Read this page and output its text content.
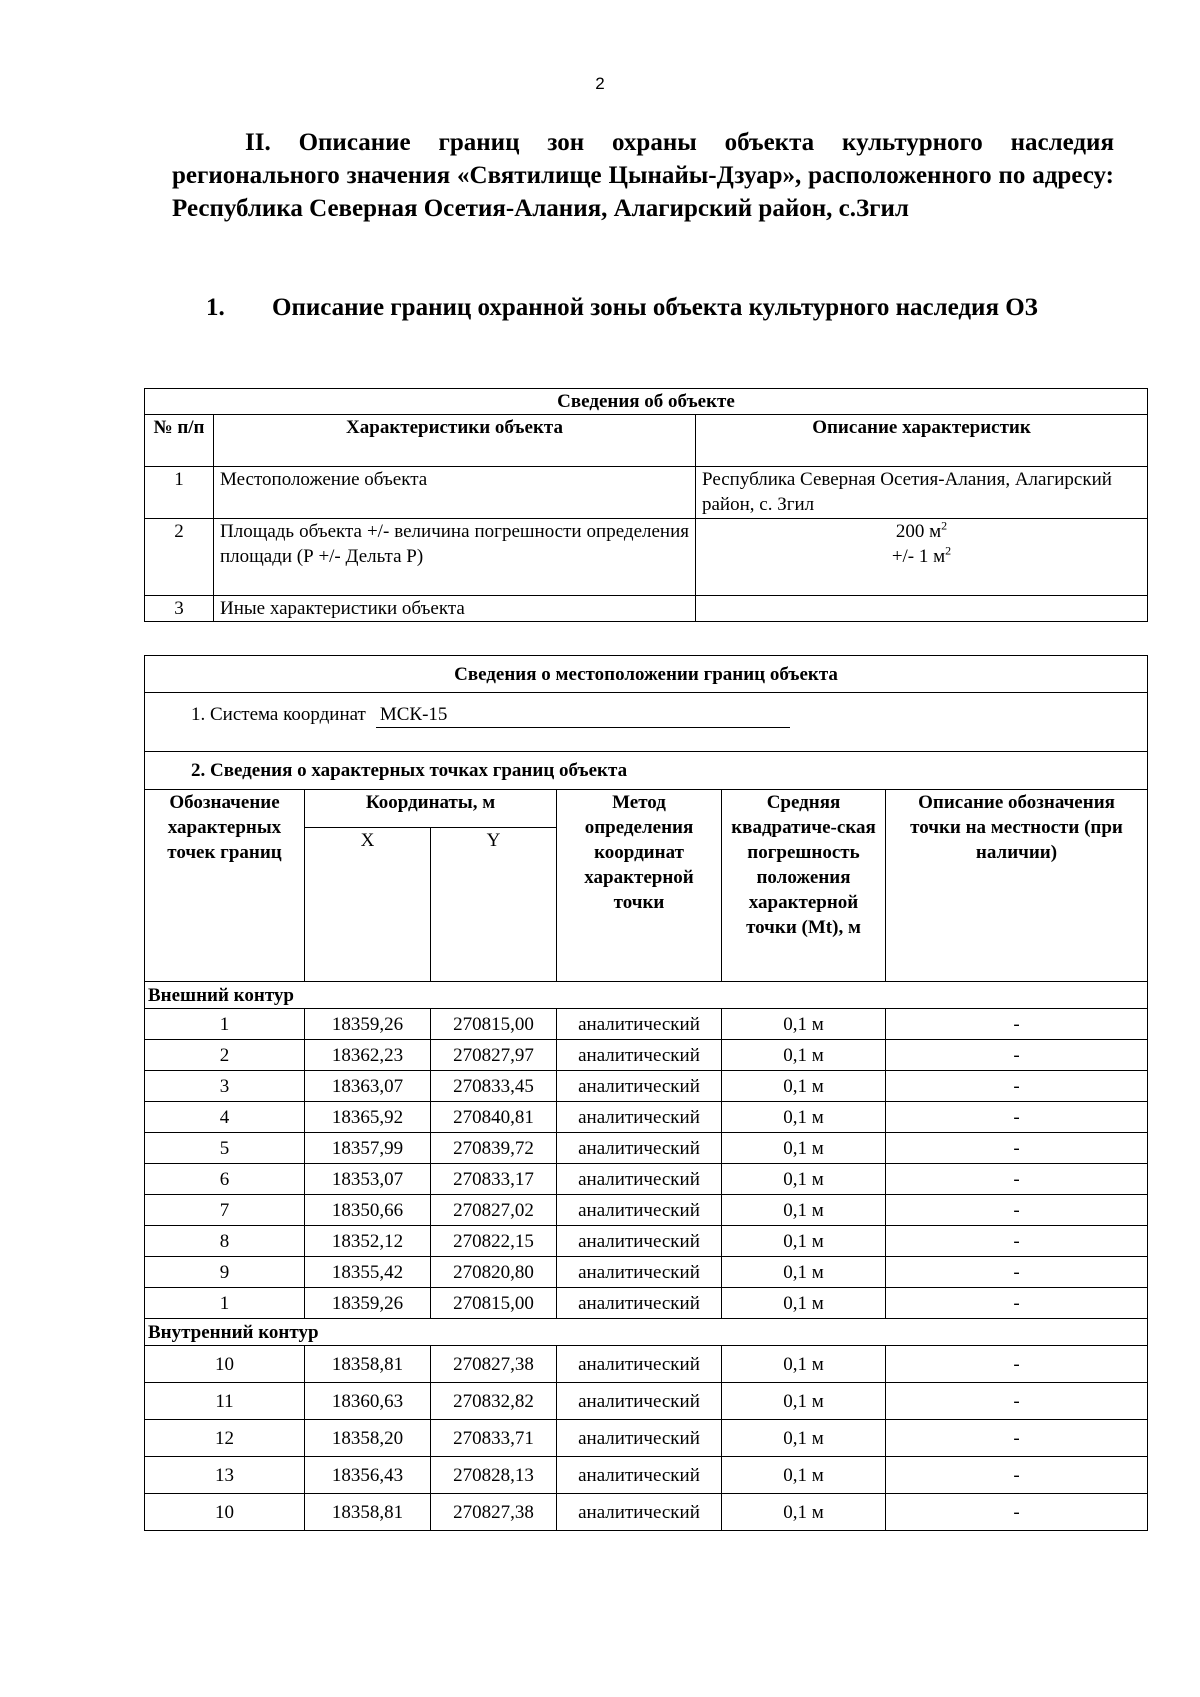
2
II. Описание границ зон охраны объекта культурного наследия регионального значения «Святилище Цынайы-Дзуар», расположенного по адресу: Республика Северная Осетия-Алания, Алагирский район, с.Згил
1. Описание границ охранной зоны объекта культурного наследия ОЗ
Сведения об объекте		
№ п/п	Характеристики объекта	Описание характеристик
1	Местоположение объекта	Республика Северная Осетия-Алания, Алагирский район, с. Згил
2	Площадь объекта +/- величина погрешности определения площади (Р +/- Дельта Р)	200 $м^2$
+/- 1 $м^2$
3	Иные характеристики объекта	
Сведения о местоположении границ объекта					
1. Система координат МСК-15					
2. Сведения о характерных точках границ объекта					
Обозначение характерных точек границ	Координаты, м		Метод определения координат характерной точки	Средняя квадратиче-ская погрешность положения характерной точки (Mt), м	Описание обозначения точки на местности (при наличии)
	X	Y			
Внешний контур					
1	18359,26	270815,00	аналитический	0,1 м	-
2	18362,23	270827,97	аналитический	0,1 м	-
3	18363,07	270833,45	аналитический	0,1 м	-
4	18365,92	270840,81	аналитический	0,1 м	-
5	18357,99	270839,72	аналитический	0,1 м	-
6	18353,07	270833,17	аналитический	0,1 м	-
7	18350,66	270827,02	аналитический	0,1 м	-
8	18352,12	270822,15	аналитический	0,1 м	-
9	18355,42	270820,80	аналитический	0,1 м	-
1	18359,26	270815,00	аналитический	0,1 м	-
Внутренний контур					
10	18358,81	270827,38	аналитический	0,1 м	-
11	18360,63	270832,82	аналитический	0,1 м	-
12	18358,20	270833,71	аналитический	0,1 м	-
13	18356,43	270828,13	аналитический	0,1 м	-
10	18358,81	270827,38	аналитический	0,1 м	-
